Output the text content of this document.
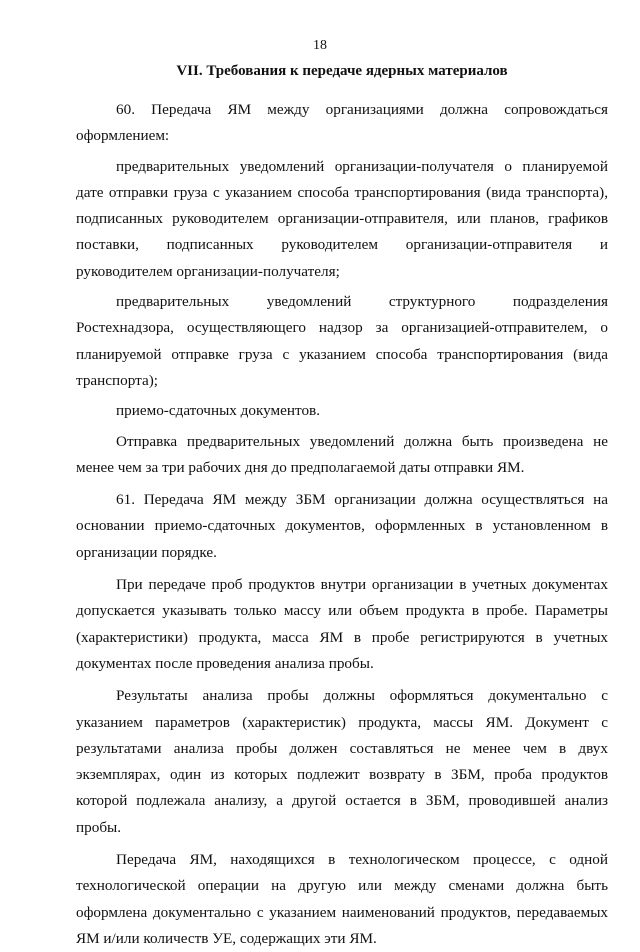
18
VII. Требования к передаче ядерных материалов

60. Передача ЯМ между организациями должна сопровождаться оформлением:

предварительных уведомлений организации-получателя о планируемой дате отправки груза с указанием способа транспортирования (вида транспорта), подписанных руководителем организации-отправителя, или планов, графиков поставки, подписанных руководителем организации-отправителя и руководителем организации-получателя;

предварительных уведомлений структурного подразделения Ростехнадзора, осуществляющего надзор за организацией-отправителем, о планируемой отправке груза с указанием способа транспортирования (вида транспорта);

приемо-сдаточных документов.

Отправка предварительных уведомлений должна быть произведена не менее чем за три рабочих дня до предполагаемой даты отправки ЯМ.

61. Передача ЯМ между ЗБМ организации должна осуществляться на основании приемо-сдаточных документов, оформленных в установленном в организации порядке.

При передаче проб продуктов внутри организации в учетных документах допускается указывать только массу или объем продукта в пробе. Параметры (характеристики) продукта, масса ЯМ в пробе регистрируются в учетных документах после проведения анализа пробы.

Результаты анализа пробы должны оформляться документально с указанием параметров (характеристик) продукта, массы ЯМ. Документ с результатами анализа пробы должен составляться не менее чем в двух экземплярах, один из которых подлежит возврату в ЗБМ, проба продуктов которой подлежала анализу, а другой остается в ЗБМ, проводившей анализ пробы.

Передача ЯМ, находящихся в технологическом процессе, с одной технологической операции на другую или между сменами должна быть оформлена документально с указанием наименований продуктов, передаваемых ЯМ и/или количеств УЕ, содержащих эти ЯМ.
